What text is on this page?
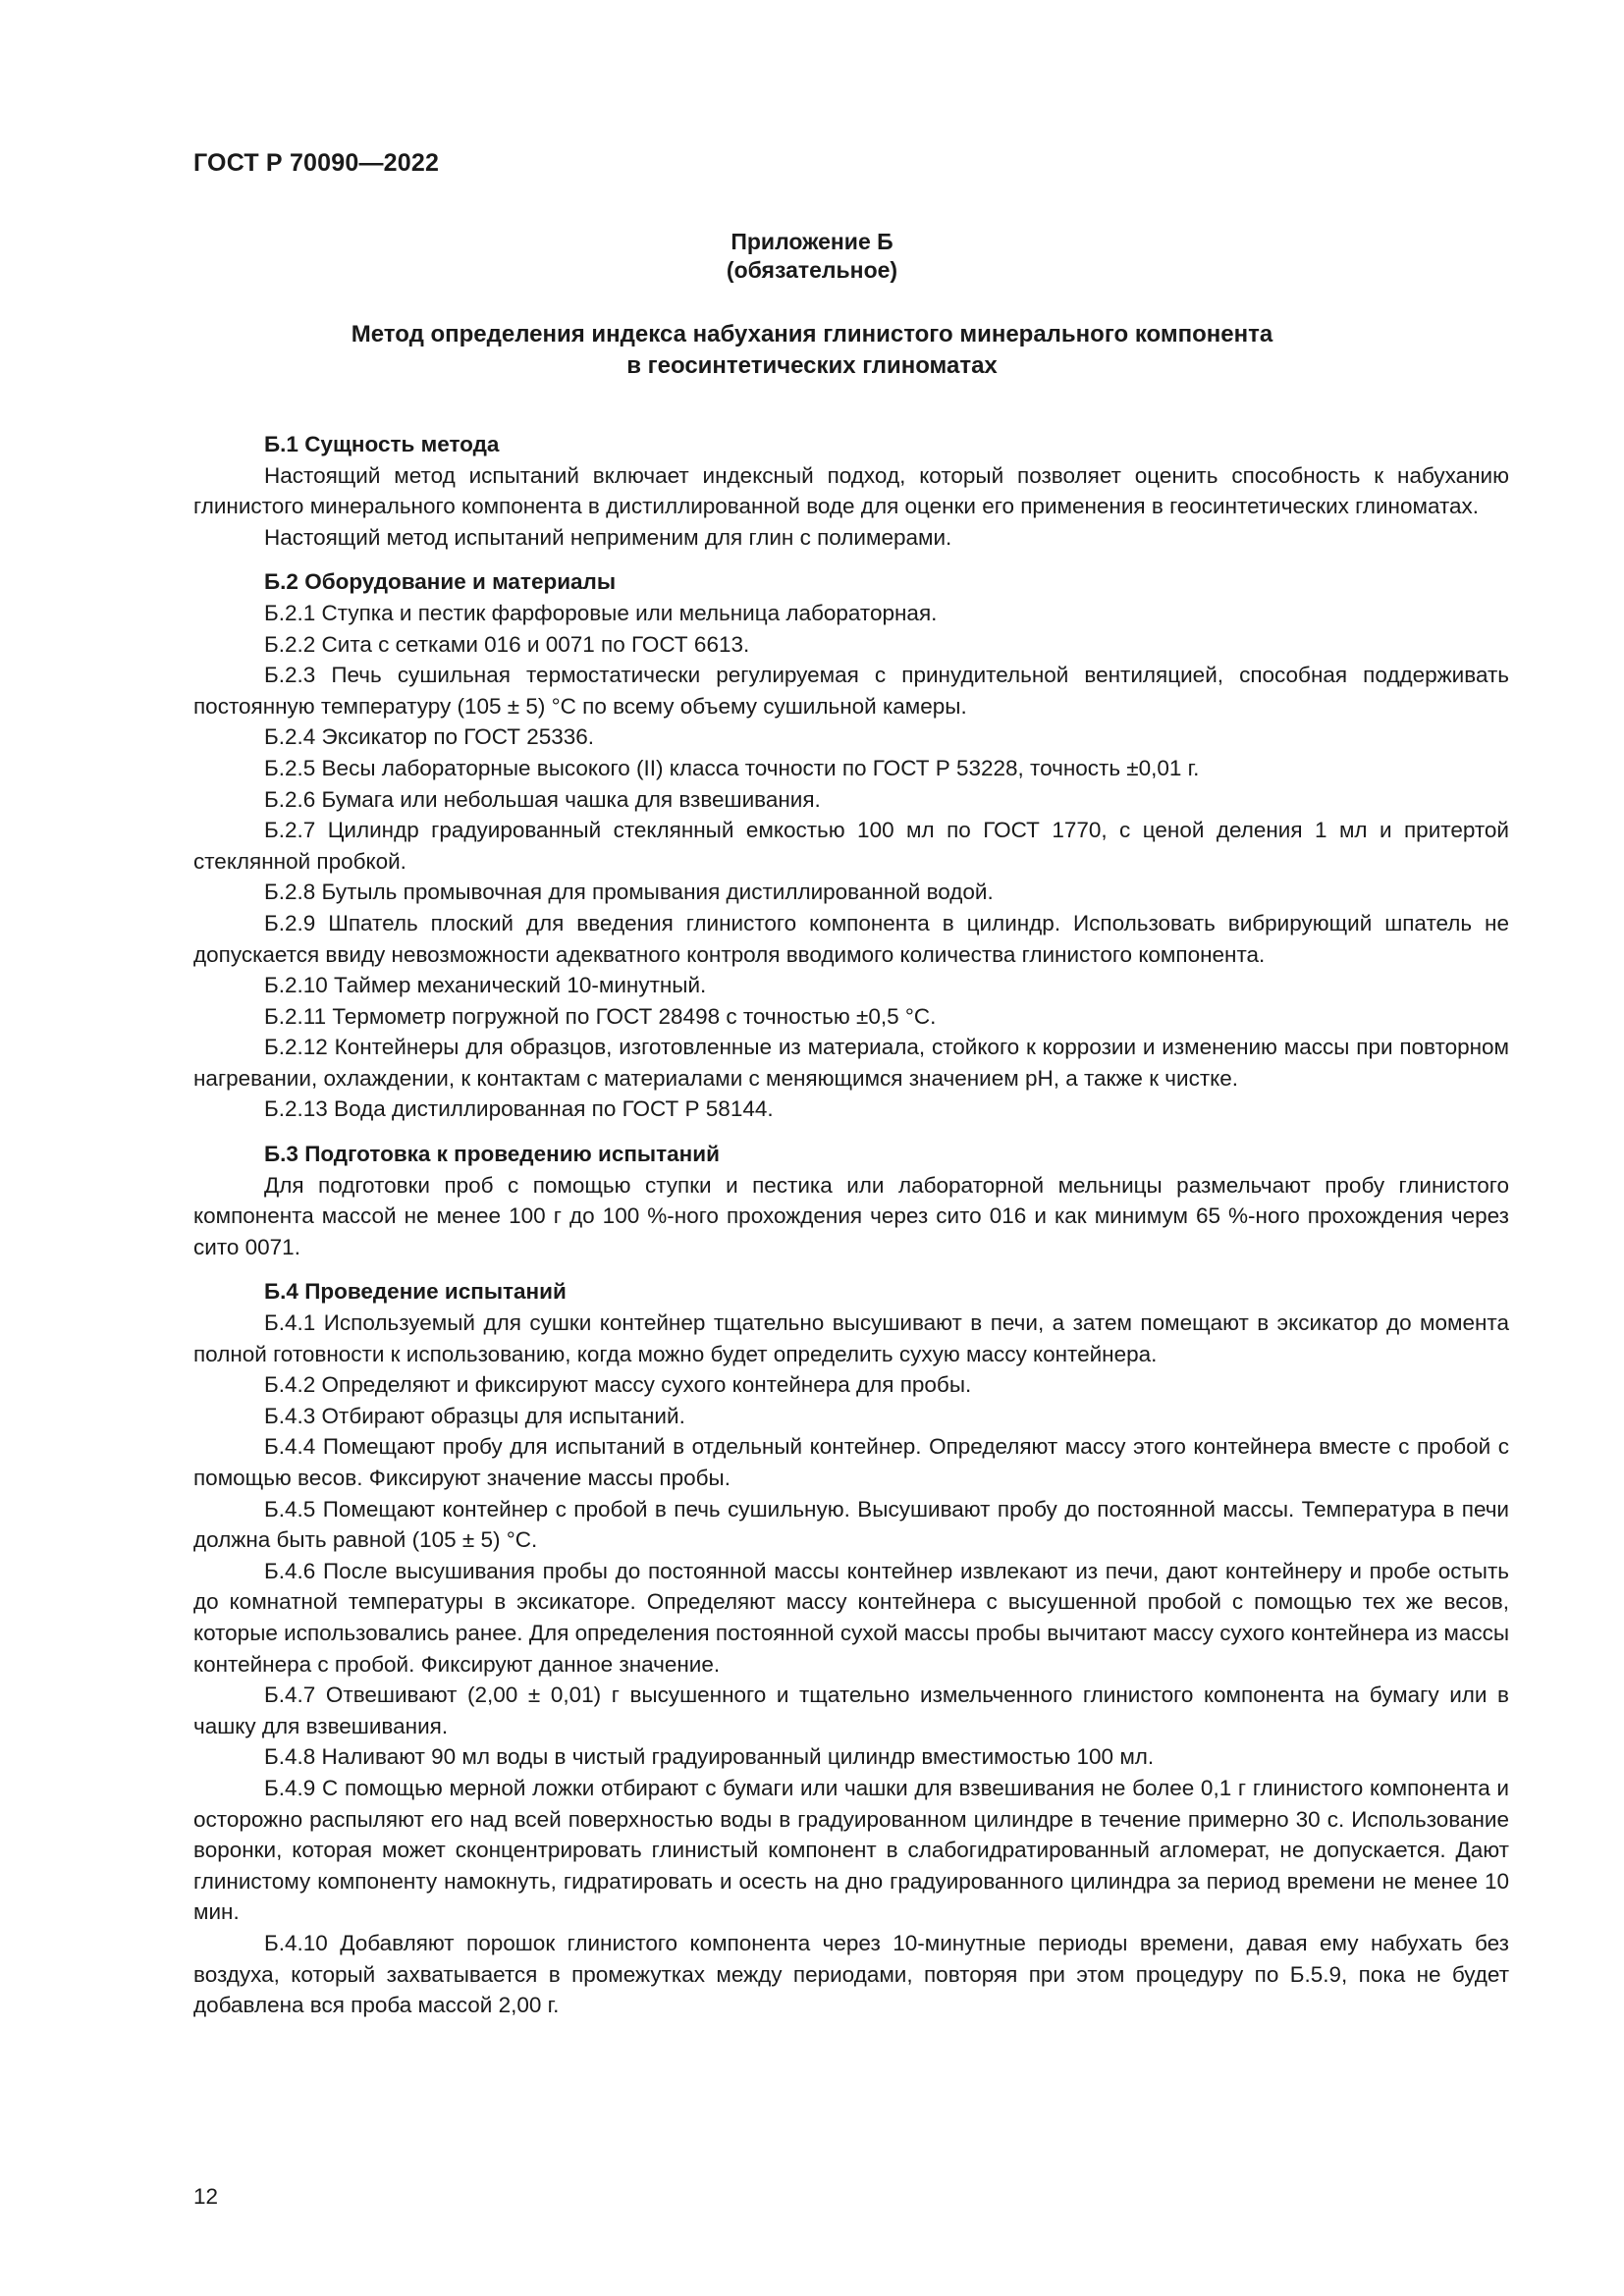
ГОСТ Р 70090—2022
Приложение Б
(обязательное)
Метод определения индекса набухания глинистого минерального компонента
в геосинтетических глиноматах
Б.1 Сущность метода

Настоящий метод испытаний включает индексный подход, который позволяет оценить способность к набуханию глинистого минерального компонента в дистиллированной воде для оценки его применения в геосинтетических глиноматах.

Настоящий метод испытаний неприменим для глин с полимерами.

Б.2 Оборудование и материалы

Б.2.1 Ступка и пестик фарфоровые или мельница лабораторная.

Б.2.2 Сита с сетками 016 и 0071 по ГОСТ 6613.

Б.2.3 Печь сушильная термостатически регулируемая с принудительной вентиляцией, способная поддерживать постоянную температуру (105 ± 5) °С по всему объему сушильной камеры.

Б.2.4 Эксикатор по ГОСТ 25336.

Б.2.5 Весы лабораторные высокого (II) класса точности по ГОСТ Р 53228, точность ±0,01 г.

Б.2.6 Бумага или небольшая чашка для взвешивания.

Б.2.7 Цилиндр градуированный стеклянный емкостью 100 мл по ГОСТ 1770, с ценой деления 1 мл и притертой стеклянной пробкой.

Б.2.8 Бутыль промывочная для промывания дистиллированной водой.

Б.2.9 Шпатель плоский для введения глинистого компонента в цилиндр. Использовать вибрирующий шпатель не допускается ввиду невозможности адекватного контроля вводимого количества глинистого компонента.

Б.2.10 Таймер механический 10-минутный.

Б.2.11 Термометр погружной по ГОСТ 28498 с точностью ±0,5 °С.

Б.2.12 Контейнеры для образцов, изготовленные из материала, стойкого к коррозии и изменению массы при повторном нагревании, охлаждении, к контактам с материалами с меняющимся значением pH, а также к чистке.

Б.2.13 Вода дистиллированная по ГОСТ Р 58144.

Б.3 Подготовка к проведению испытаний

Для подготовки проб с помощью ступки и пестика или лабораторной мельницы размельчают пробу глинистого компонента массой не менее 100 г до 100 %-ного прохождения через сито 016 и как минимум 65 %-ного прохождения через сито 0071.

Б.4 Проведение испытаний

Б.4.1 Используемый для сушки контейнер тщательно высушивают в печи, а затем помещают в эксикатор до момента полной готовности к использованию, когда можно будет определить сухую массу контейнера.

Б.4.2 Определяют и фиксируют массу сухого контейнера для пробы.

Б.4.3 Отбирают образцы для испытаний.

Б.4.4 Помещают пробу для испытаний в отдельный контейнер. Определяют массу этого контейнера вместе с пробой с помощью весов. Фиксируют значение массы пробы.

Б.4.5 Помещают контейнер с пробой в печь сушильную. Высушивают пробу до постоянной массы. Температура в печи должна быть равной (105 ± 5) °С.

Б.4.6 После высушивания пробы до постоянной массы контейнер извлекают из печи, дают контейнеру и пробе остыть до комнатной температуры в эксикаторе. Определяют массу контейнера с высушенной пробой с помощью тех же весов, которые использовались ранее. Для определения постоянной сухой массы пробы вычитают массу сухого контейнера из массы контейнера с пробой. Фиксируют данное значение.

Б.4.7 Отвешивают (2,00 ± 0,01) г высушенного и тщательно измельченного глинистого компонента на бумагу или в чашку для взвешивания.

Б.4.8 Наливают 90 мл воды в чистый градуированный цилиндр вместимостью 100 мл.

Б.4.9 С помощью мерной ложки отбирают с бумаги или чашки для взвешивания не более 0,1 г глинистого компонента и осторожно распыляют его над всей поверхностью воды в градуированном цилиндре в течение примерно 30 с. Использование воронки, которая может сконцентрировать глинистый компонент в слабогидратированный агломерат, не допускается. Дают глинистому компоненту намокнуть, гидратировать и осесть на дно градуированного цилиндра за период времени не менее 10 мин.

Б.4.10 Добавляют порошок глинистого компонента через 10-минутные периоды времени, давая ему набухать без воздуха, который захватывается в промежутках между периодами, повторяя при этом процедуру по Б.5.9, пока не будет добавлена вся проба массой 2,00 г.

12
